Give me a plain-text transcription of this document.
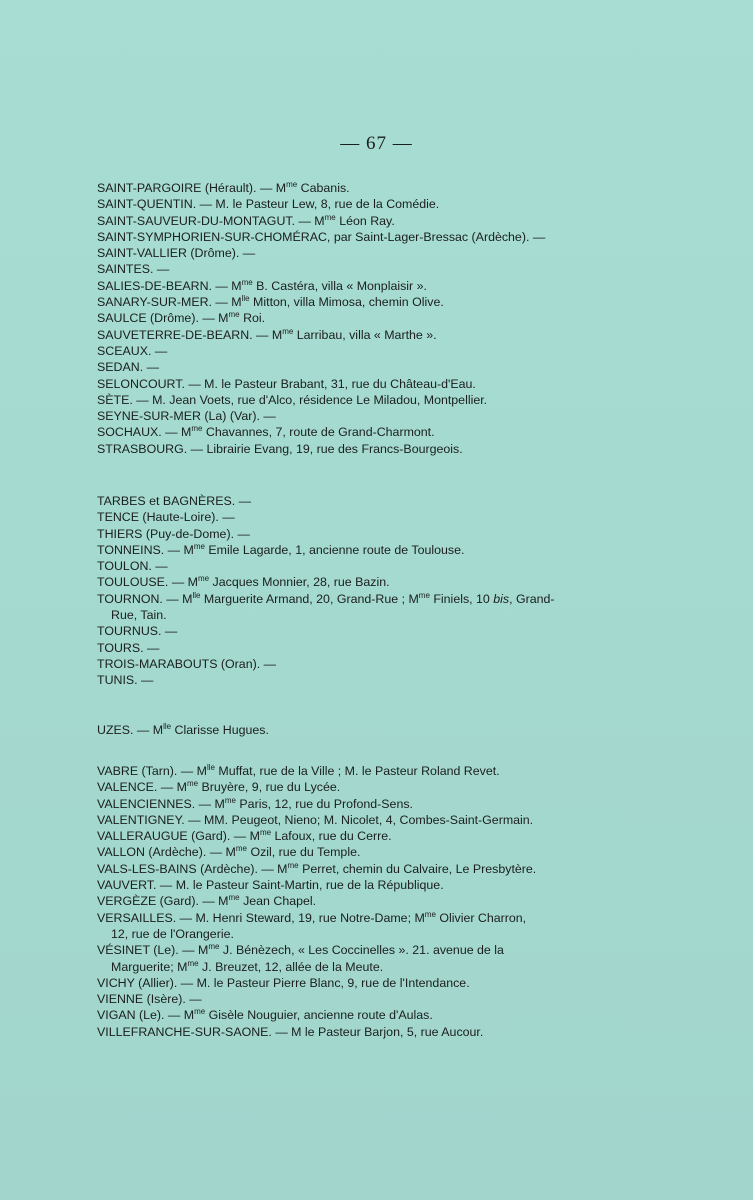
— 67 —
SAINT-PARGOIRE (Hérault). — $M^{me}$ Cabanis.
SAINT-QUENTIN. — M. le Pasteur Lew, 8, rue de la Comédie.
SAINT-SAUVEUR-DU-MONTAGUT. — $M^{me}$ Léon Ray.
SAINT-SYMPHORIEN-SUR-CHOMÉRAC, par Saint-Lager-Bressac (Ardèche). —
SAINT-VALLIER (Drôme). —
SAINTES. —
SALIES-DE-BEARN. — $M^{me}$ B. Castéra, villa « Monplaisir ».
SANARY-SUR-MER. — $M^{lle}$ Mitton, villa Mimosa, chemin Olive.
SAULCE (Drôme). — $M^{me}$ Roi.
SAUVETERRE-DE-BEARN. — $M^{me}$ Larribau, villa « Marthe ».
SCEAUX. —
SEDAN. —
SELONCOURT. — M. le Pasteur Brabant, 31, rue du Château-d'Eau.
SÈTE. — M. Jean Voets, rue d'Alco, résidence Le Miladou, Montpellier.
SEYNE-SUR-MER (La) (Var). —
SOCHAUX. — $M^{me}$ Chavannes, 7, route de Grand-Charmont.
STRASBOURG. — Librairie Evang, 19, rue des Francs-Bourgeois.
TARBES et BAGNÈRES. —
TENCE (Haute-Loire). —
THIERS (Puy-de-Dome). —
TONNEINS. — $M^{me}$ Emile Lagarde, 1, ancienne route de Toulouse.
TOULON. —
TOULOUSE. — $M^{me}$ Jacques Monnier, 28, rue Bazin.
TOURNON. — $M^{lle}$ Marguerite Armand, 20, Grand-Rue ; $M^{me}$ Finiels, 10 bis, Grand-
Rue, Tain.
TOURNUS. —
TOURS. —
TROIS-MARABOUTS (Oran). —
TUNIS. —
UZES. — $M^{lle}$ Clarisse Hugues.
VABRE (Tarn). — $M^{lle}$ Muffat, rue de la Ville ; M. le Pasteur Roland Revet.
VALENCE. — $M^{me}$ Bruyère, 9, rue du Lycée.
VALENCIENNES. — $M^{me}$ Paris, 12, rue du Profond-Sens.
VALENTIGNEY. — MM. Peugeot, Nieno; M. Nicolet, 4, Combes-Saint-Germain.
VALLERAUGUE (Gard). — $M^{me}$ Lafoux, rue du Cerre.
VALLON (Ardèche). — $M^{me}$ Ozil, rue du Temple.
VALS-LES-BAINS (Ardèche). — $M^{me}$ Perret, chemin du Calvaire, Le Presbytère.
VAUVERT. — M. le Pasteur Saint-Martin, rue de la République.
VERGÈZE (Gard). — $M^{me}$ Jean Chapel.
VERSAILLES. — M. Henri Steward, 19, rue Notre-Dame; $M^{me}$ Olivier Charron,
12, rue de l'Orangerie.
VÉSINET (Le). — $M^{me}$ J. Bénèzech, « Les Coccinelles ». 21. avenue de la
Marguerite; $M^{me}$ J. Breuzet, 12, allée de la Meute.
VICHY (Allier). — M. le Pasteur Pierre Blanc, 9, rue de l'Intendance.
VIENNE (Isère). —
VIGAN (Le). — $M^{me}$ Gisèle Nouguier, ancienne route d'Aulas.
VILLEFRANCHE-SUR-SAONE. — M le Pasteur Barjon, 5, rue Aucour.
